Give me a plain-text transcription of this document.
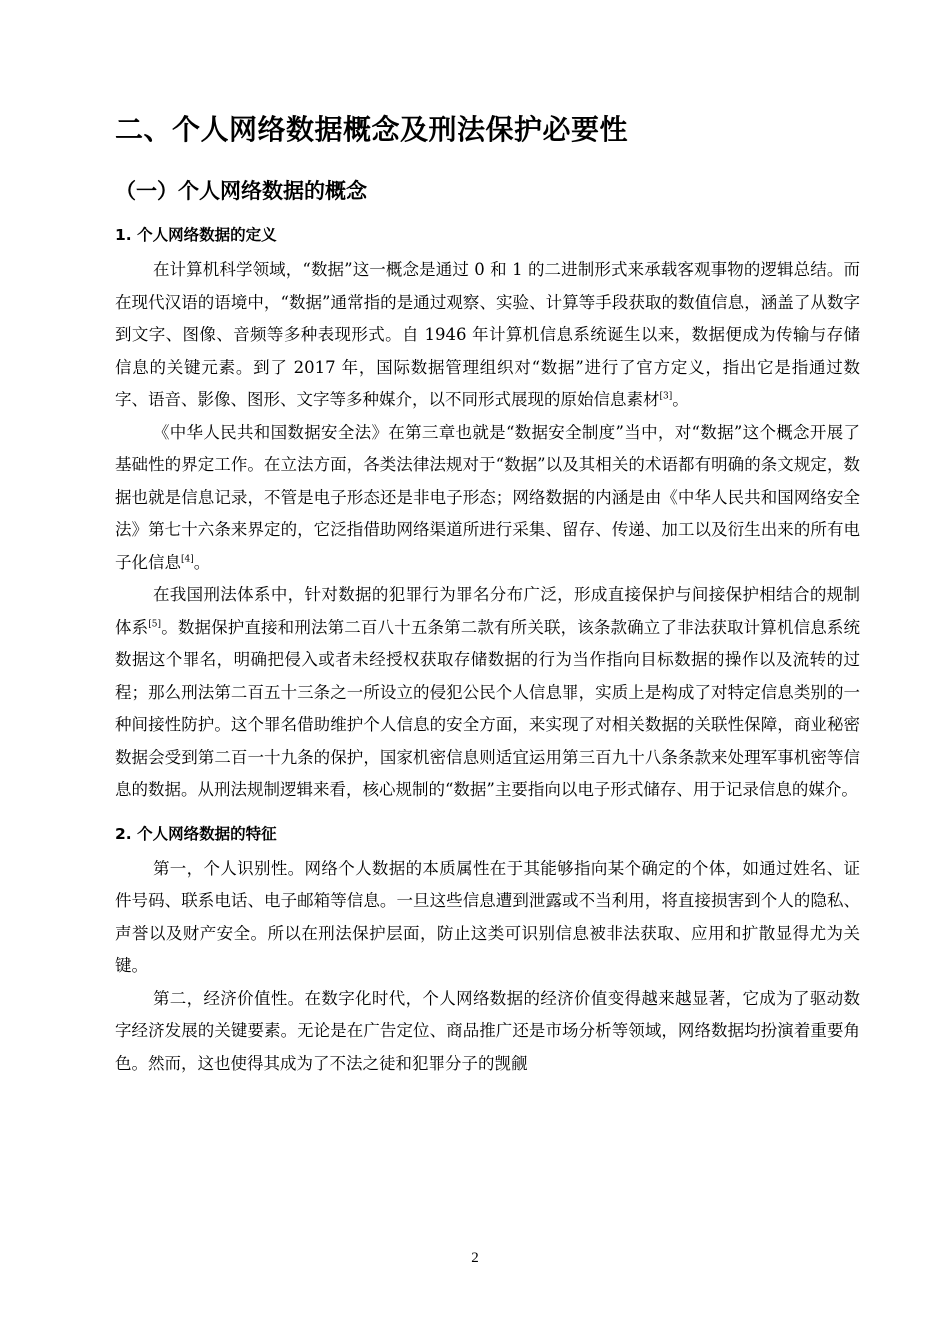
二、个人网络数据概念及刑法保护必要性
（一）个人网络数据的概念
1. 个人网络数据的定义

在计算机科学领域，“数据”这一概念是通过 0 和 1 的二进制形式来承载客观事物的逻辑总结。而在现代汉语的语境中，“数据”通常指的是通过观察、实验、计算等手段获取的数值信息，涵盖了从数字到文字、图像、音频等多种表现形式。自 1946 年计算机信息系统诞生以来，数据便成为传输与存储信息的关键元素。到了 2017 年，国际数据管理组织对“数据”进行了官方定义，指出它是指通过数字、语音、影像、图形、文字等多种媒介，以不同形式展现的原始信息素材[3]。

《中华人民共和国数据安全法》在第三章也就是“数据安全制度”当中，对“数据”这个概念开展了基础性的界定工作。在立法方面，各类法律法规对于“数据”以及其相关的术语都有明确的条文规定，数据也就是信息记录，不管是电子形态还是非电子形态；网络数据的内涵是由《中华人民共和国网络安全法》第七十六条来界定的，它泛指借助网络渠道所进行采集、留存、传递、加工以及衍生出来的所有电子化信息[4]。

在我国刑法体系中，针对数据的犯罪行为罪名分布广泛，形成直接保护与间接保护相结合的规制体系[5]。数据保护直接和刑法第二百八十五条第二款有所关联，该条款确立了非法获取计算机信息系统数据这个罪名，明确把侵入或者未经授权获取存储数据的行为当作指向目标数据的操作以及流转的过程；那么刑法第二百五十三条之一所设立的侵犯公民个人信息罪，实质上是构成了对特定信息类别的一种间接性防护。这个罪名借助维护个人信息的安全方面，来实现了对相关数据的关联性保障，商业秘密数据会受到第二百一十九条的保护，国家机密信息则适宜运用第三百九十八条条款来处理军事机密等信息的数据。从刑法规制逻辑来看，核心规制的“数据”主要指向以电子形式储存、用于记录信息的媒介。

2. 个人网络数据的特征

第一，个人识别性。网络个人数据的本质属性在于其能够指向某个确定的个体，如通过姓名、证件号码、联系电话、电子邮箱等信息。一旦这些信息遭到泄露或不当利用，将直接损害到个人的隐私、声誉以及财产安全。所以在刑法保护层面，防止这类可识别信息被非法获取、应用和扩散显得尤为关键。

第二，经济价值性。在数字化时代，个人网络数据的经济价值变得越来越显著，它成为了驱动数字经济发展的关键要素。无论是在广告定位、商品推广还是市场分析等领域，网络数据均扮演着重要角色。然而，这也使得其成为了不法之徒和犯罪分子的觊觎

2
